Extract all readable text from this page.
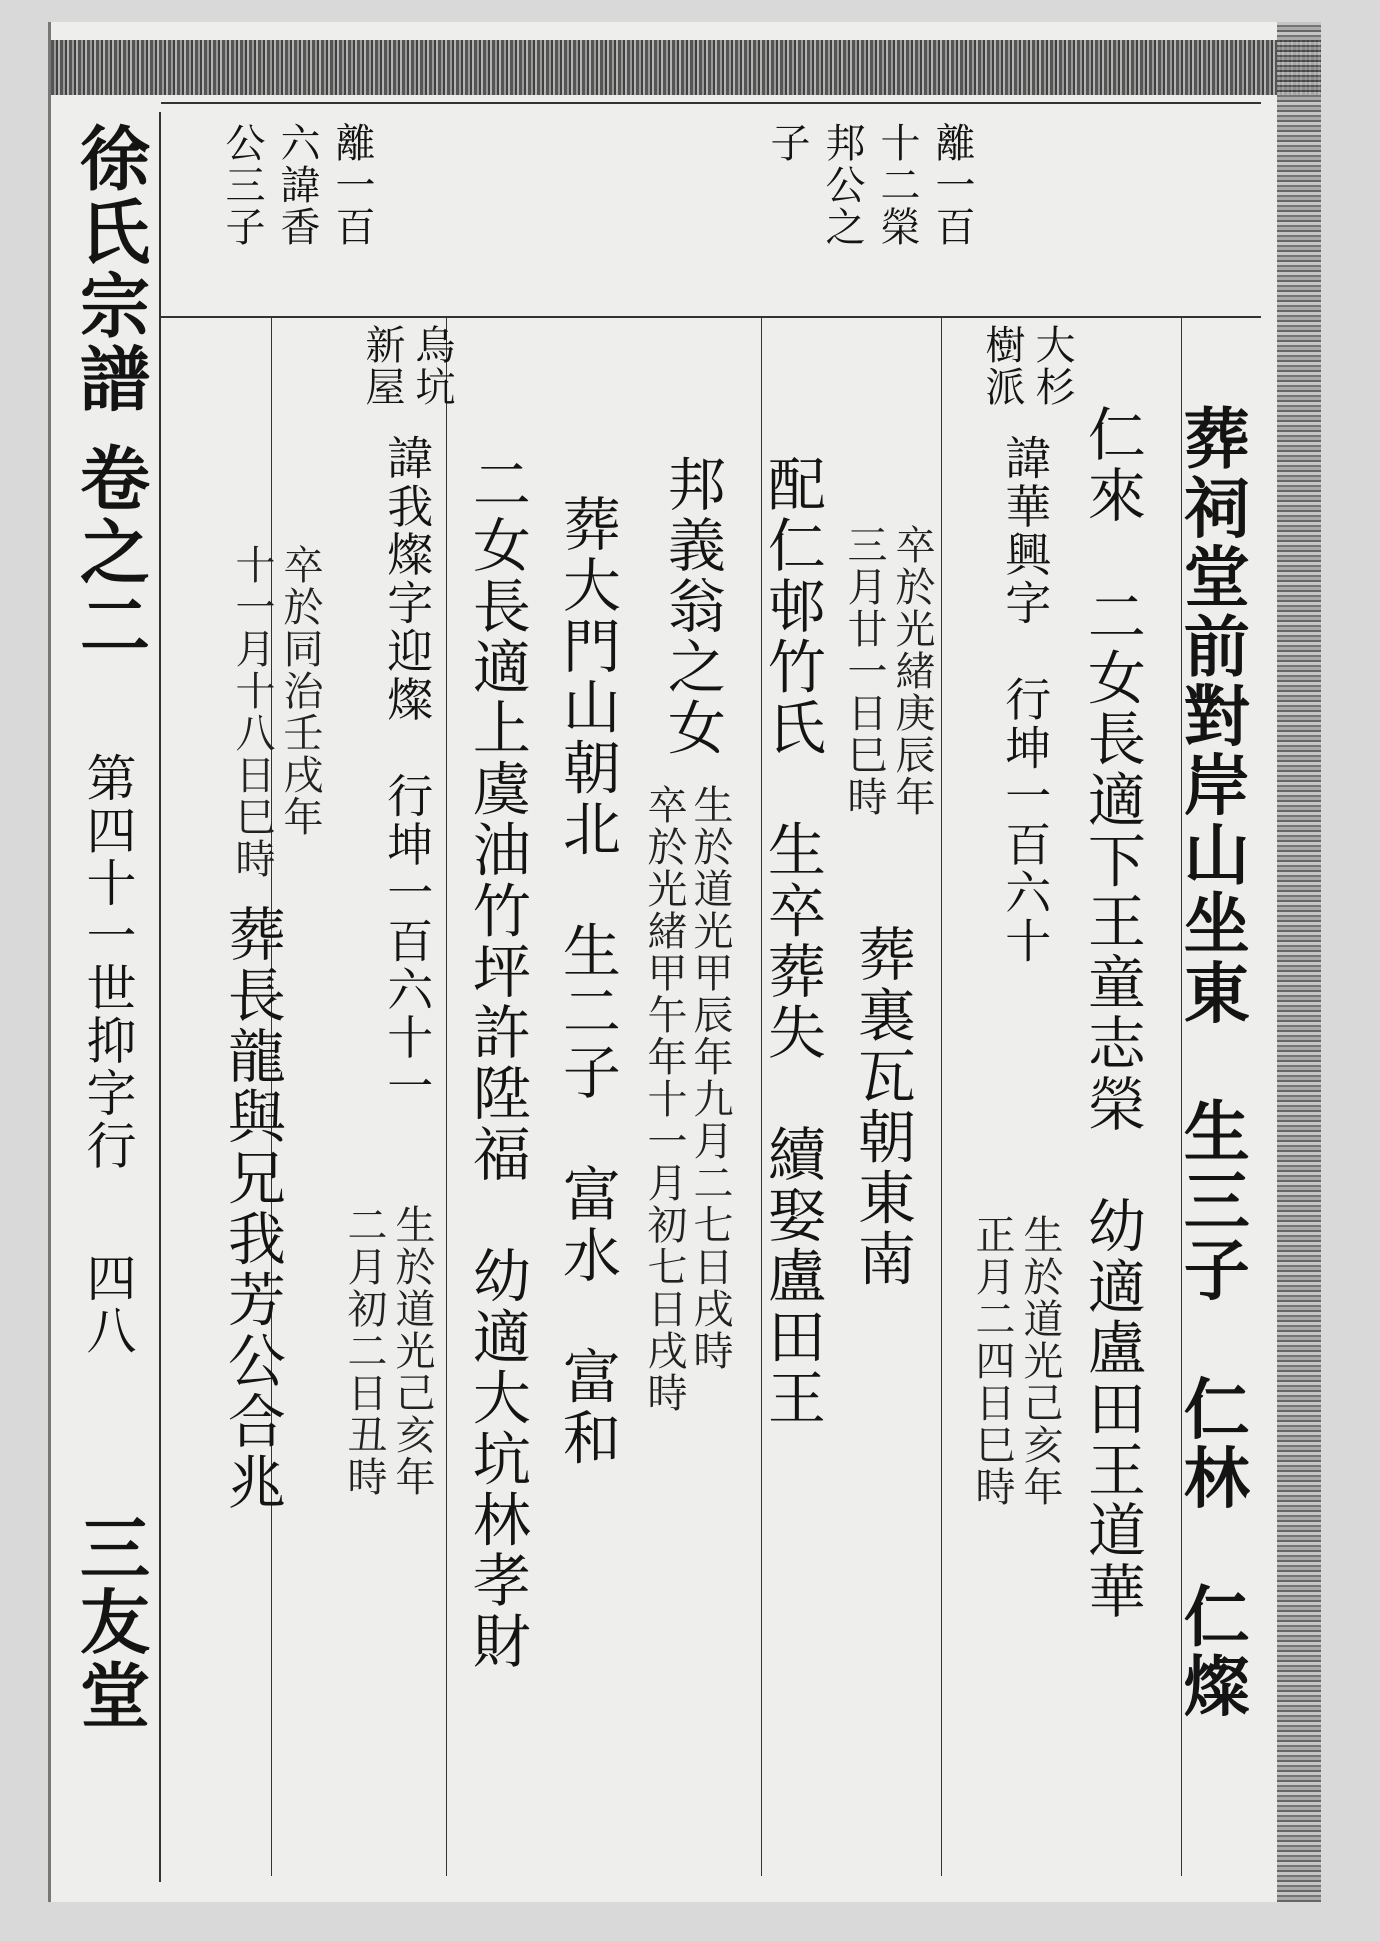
徐氏宗譜
卷之二
第四十一世抑字行
四八
三友堂
離一百
六諱香
公三子	離一百
十二榮
邦公之
子
葬祠堂前對岸山坐東　生三子　仁林　仁燦
仁來　二女長適下王童志榮　幼適盧田王道華
大杉
樹派
諱華興字　行坤一百六十
生於道光己亥年
正月二四日巳時
卒於光緒庚辰年
三月廿一日巳時
葬裏瓦朝東南
配仁邨竹氏　生卒葬失　續娶盧田王
邦義翁之女
生於道光甲辰年九月二七日戌時
卒於光緒甲午年十一月初七日戌時
葬大門山朝北　生二子　富水　富和
二女長適上虞油竹坪許陞福　幼適大坑林孝財
烏坑
新屋
諱我燦字迎燦　行坤一百六十一
生於道光己亥年
二月初二日丑時
卒於同治壬戌年
十一月十八日巳時
葬長龍與兄我芳公合兆
